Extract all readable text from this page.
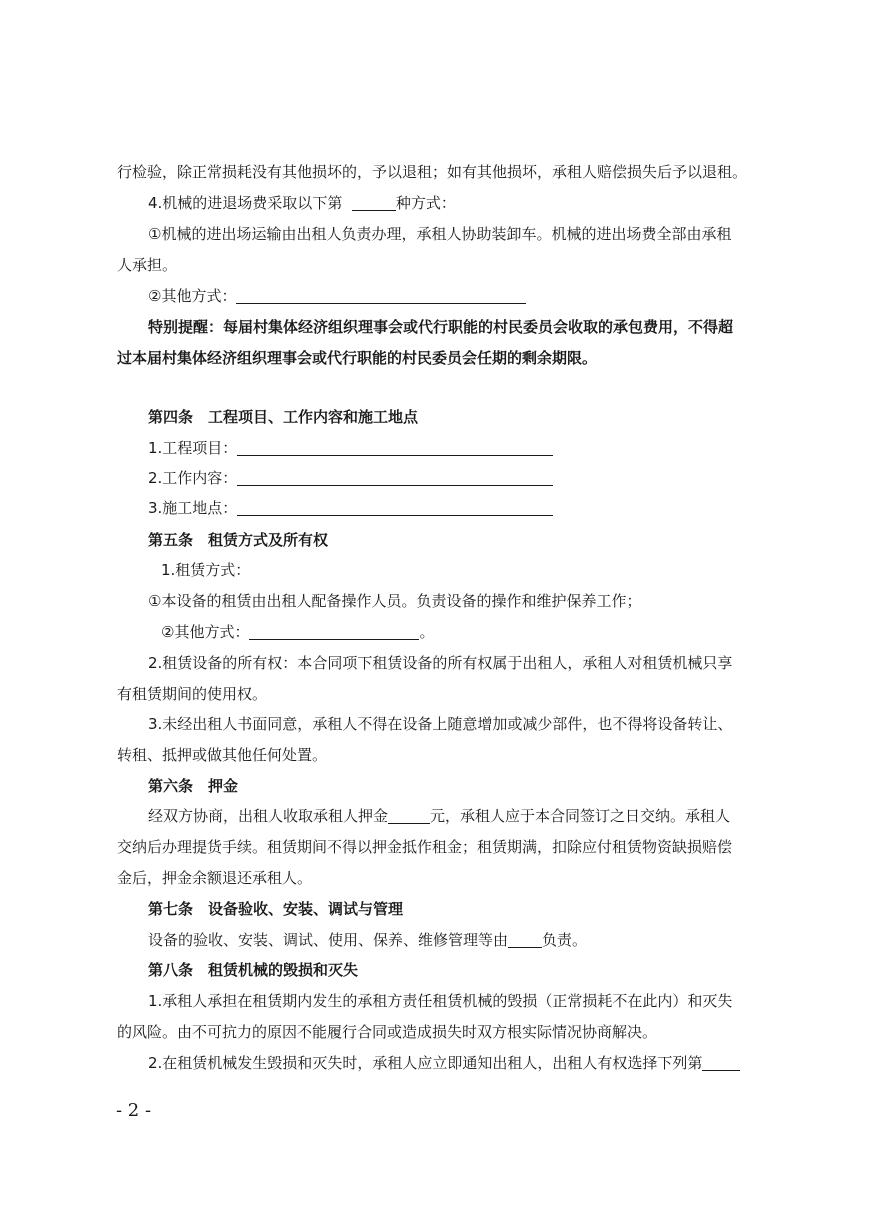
行检验，除正常损耗没有其他损坏的，予以退租；如有其他损坏，承租人赔偿损失后予以退租。
4.机械的进退场费采取以下第	种方式：
①机械的进出场运输由出租人负责办理，承租人协助装卸车。机械的进出场费全部由承租
人承担。
②其他方式：
特别提醒：每届村集体经济组织理事会或代行职能的村民委员会收取的承包费用，不得超
过本届村集体经济组织理事会或代行职能的村民委员会任期的剩余期限。
第四条　工程项目、工作内容和施工地点
1.工程项目：
2.工作内容：
3.施工地点：
第五条　租赁方式及所有权
1.租赁方式：
①本设备的租赁由出租人配备操作人员。负责设备的操作和维护保养工作；
②其他方式：	。
2.租赁设备的所有权：本合同项下租赁设备的所有权属于出租人，承租人对租赁机械只享
有租赁期间的使用权。
3.未经出租人书面同意，承租人不得在设备上随意增加或减少部件，也不得将设备转让、
转租、抵押或做其他任何处置。
第六条　押金
经双方协商，出租人收取承租人押金	元，承租人应于本合同签订之日交纳。承租人
交纳后办理提货手续。租赁期间不得以押金抵作租金；租赁期满，扣除应付租赁物资缺损赔偿
金后，押金余额退还承租人。
第七条　设备验收、安装、调试与管理
设备的验收、安装、调试、使用、保养、维修管理等由 负责。
第八条　租赁机械的毁损和灭失
1.承租人承担在租赁期内发生的承租方责任租赁机械的毁损（正常损耗不在此内）和灭失
的风险。由不可抗力的原因不能履行合同或造成损失时双方根实际情况协商解决。
2.在租赁机械发生毁损和灭失时，承租人应立即通知出租人，出租人有权选择下列第
- 2 -
